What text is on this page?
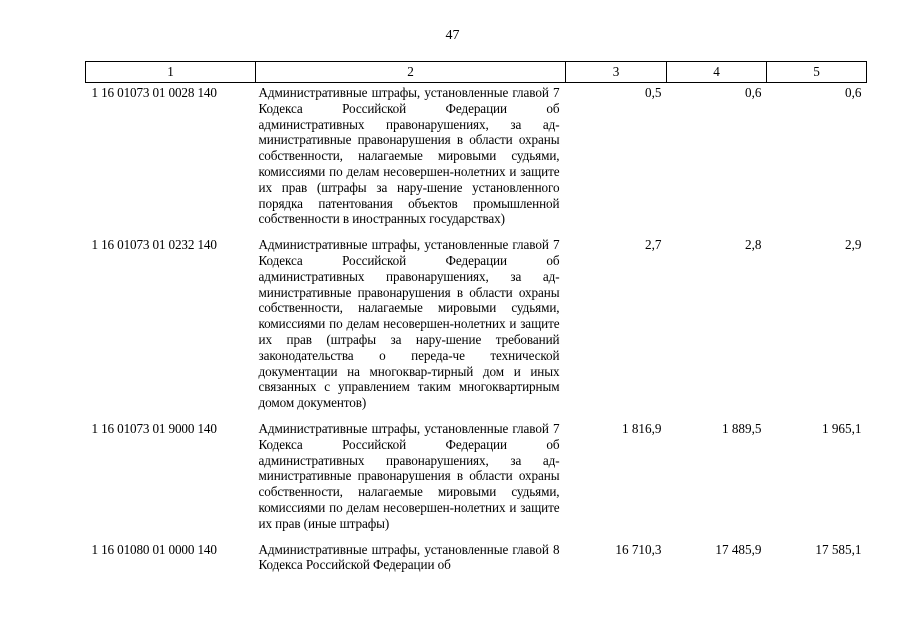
47
1	2	3	4	5
1 16 01073 01 0028 140	Административные штрафы, установленные главой 7 Кодекса Российской Федерации об административных правонарушениях, за ад-министративные правонарушения в области охраны собственности, налагаемые мировыми судьями, комиссиями по делам несовершен-нолетних и защите их прав (штрафы за нару-шение установленного порядка патентования объектов промышленной собственности в иностранных государствах)	0,5	0,6	0,6
1 16 01073 01 0232 140	Административные штрафы, установленные главой 7 Кодекса Российской Федерации об административных правонарушениях, за ад-министративные правонарушения в области охраны собственности, налагаемые мировыми судьями, комиссиями по делам несовершен-нолетних и защите их прав (штрафы за нару-шение требований законодательства о переда-че технической документации на многоквар-тирный дом и иных связанных с управлением таким многоквартирным домом документов)	2,7	2,8	2,9
1 16 01073 01 9000 140	Административные штрафы, установленные главой 7 Кодекса Российской Федерации об административных правонарушениях, за ад-министративные правонарушения в области охраны собственности, налагаемые мировыми судьями, комиссиями по делам несовершен-нолетних и защите их прав (иные штрафы)	1 816,9	1 889,5	1 965,1
1 16 01080 01 0000 140	Административные штрафы, установленные главой 8 Кодекса Российской Федерации об	16 710,3	17 485,9	17 585,1
